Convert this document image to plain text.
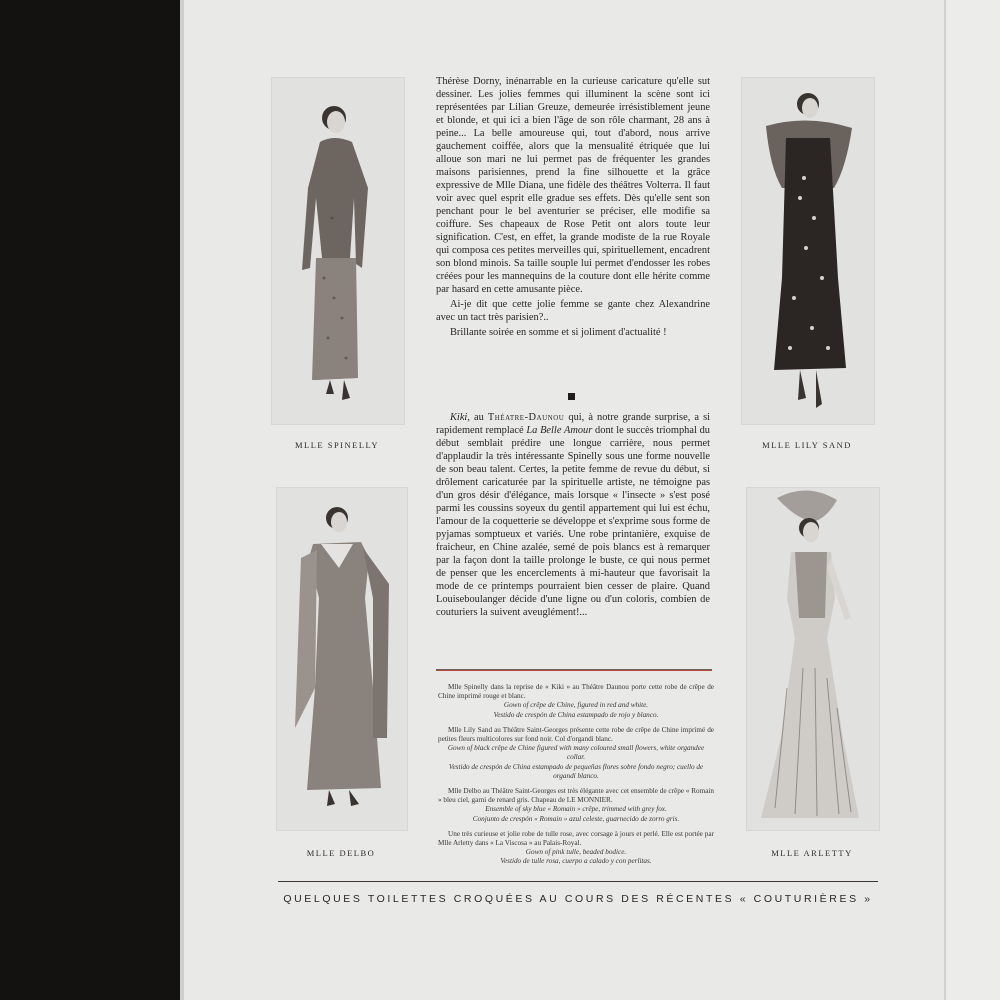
MLLE SPINELLY	MLLE LILY SAND
MLLE DELBO	MLLE ARLETTY

Thérèse Dorny, inénarrable en la curieuse caricature qu'elle sut dessiner. Les jolies femmes qui illuminent la scène sont ici représentées par Lilian Greuze, demeurée irrésistiblement jeune et blonde, et qui ici a bien l'âge de son rôle charmant, 28 ans à peine... La belle amoureuse qui, tout d'abord, nous arrive gauchement coiffée, alors que la mensualité étriquée que lui alloue son mari ne lui permet pas de fréquenter les grandes maisons parisiennes, prend la fine silhouette et la grâce expressive de Mlle Diana, une fidèle des théâtres Volterra. Il faut voir avec quel esprit elle gradue ses effets. Dès qu'elle sent son penchant pour le bel aventurier se préciser, elle modifie sa coiffure. Ses chapeaux de Rose Petit ont alors toute leur signification. C'est, en effet, la grande modiste de la rue Royale qui composa ces petites merveilles qui, spirituellement, encadrent son blond minois. Sa taille souple lui permet d'endosser les robes créées pour les mannequins de la couture dont elle hérite comme par hasard en cette amusante pièce.

Ai-je dit que cette jolie femme se gante chez Alexandrine avec un tact très parisien?..

Brillante soirée en somme et si joliment d'actualité !

Kiki, au Théatre-Daunou qui, à notre grande surprise, a si rapidement remplacé La Belle Amour dont le succès triomphal du début semblait prédire une longue carrière, nous permet d'applaudir la très intéressante Spinelly sous une forme nouvelle de son beau talent. Certes, la petite femme de revue du début, si drôlement caricaturée par la spirituelle artiste, ne témoigne pas d'un gros désir d'élégance, mais lorsque « l'insecte » s'est posé parmi les coussins soyeux du gentil appartement qui lui est échu, l'amour de la coquetterie se développe et s'exprime sous forme de pyjamas somptueux et variés. Une robe printanière, exquise de fraicheur, en Chine azalée, semé de pois blancs est à remarquer par la façon dont la taille prolonge le buste, ce qui nous permet de penser que les encerclements à mi-hauteur que favorisait la mode de ce printemps pourraient bien cesser de plaire. Quand Louiseboulanger décide d'une ligne ou d'un coloris, combien de couturiers la suivent aveuglément!...

Mlle Spinelly dans la reprise de « Kiki » au Théâtre Daunou porte cette robe de crêpe de Chine imprimé rouge et blanc.
Gown of crêpe de Chine, figured in red and white.
Vestido de crespón de China estampado de rojo y blanco.
Mlle Lily Sand au Théâtre Saint-Georges présente cette robe de crêpe de Chine imprimé de petites fleurs multicolores sur fond noir. Col d'organdi blanc.
Gown of black crêpe de Chine figured with many coloured small flowers, white organdee collar.
Vestido de crespón de China estampado de pequeñas flores sobre fondo negro; cuello de organdí blanco.
Mlle Delbo au Théâtre Saint-Georges est très élégante avec cet ensemble de crêpe « Romain » bleu ciel, garni de renard gris. Chapeau de LE MONNIER.
Ensemble of sky blue « Romain » crêpe, trimmed with grey fox.
Conjunto de crespón « Romain » azul celeste, guarnecido de zorro gris.
Une très curieuse et jolie robe de tulle rose, avec corsage à jours et perlé. Elle est portée par Mlle Arletty dans « La Viscosa » au Palais-Royal.
Gown of pink tulle, beaded bodice.
Vestido de tulle rosa, cuerpo a calado y con perlitas.
QUELQUES TOILETTES CROQUÉES AU COURS DES RÉCENTES « COUTURIÈRES »
